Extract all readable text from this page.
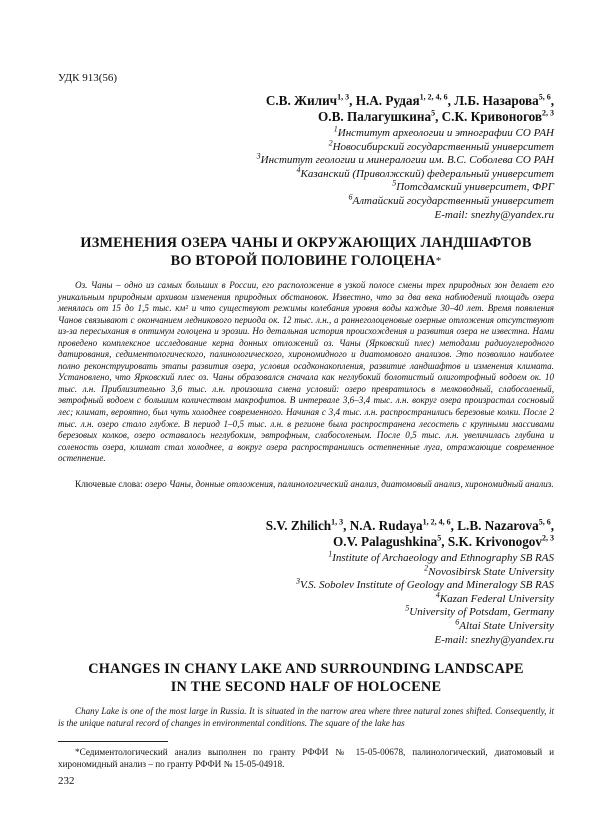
УДК 913(56)
С.В. Жилич$^{1, 3}$, Н.А. Рудая$^{1, 2, 4, 6}$, Л.Б. Назарова$^{5, 6}$,
О.В. Палагушкина$^5$, С.К. Кривоногов$^{2, 3}$
$^1$Институт археологии и этнографии СО РАН
$^2$Новосибирский государственный университет
$^3$Институт геологии и минералогии им. В.С. Соболева СО РАН
$^4$Казанский (Приволжский) федеральный университет
$^5$Потсдамский университет, ФРГ
$^6$Алтайский государственный университет
E-mail: snezhy@yandex.ru
ИЗМЕНЕНИЯ ОЗЕРА ЧАНЫ И ОКРУЖАЮЩИХ ЛАНДШАФТОВ
ВО ВТОРОЙ ПОЛОВИНЕ ГОЛОЦЕНА*
Оз. Чаны – одно из самых больших в России, его расположение в узкой полосе смены трех природных зон делает его уникальным природным архивом изменения природных обстановок. Известно, что за два века наблюдений площадь озера менялась от 15 до 1,5 тыс. км² и что существуют режимы колебания уровня воды каждые 30–40 лет. Время появления Чанов связывают с окончанием ледникового периода ок. 12 тыс. л.н., а раннеголоценовые озерные отложения отсутствуют из-за пересыхания в оптимум голоцена и эрозии. Но детальная история происхождения и развития озера не известна. Нами проведено комплексное исследование керна донных отложений оз. Чаны (Ярковский плес) методами радиоуглеродного датирования, седиментологического, палинологического, хирономидного и диатомового анализов. Это позволило наиболее полно реконструировать этапы развития озера, условия осадконакопления, развитие ландшафтов и изменения климата. Установлено, что Ярковский плес оз. Чаны образовался сначала как неглубокий болотистый олиготрофный водоем ок. 10 тыс. л.н. Приблизительно 3,6 тыс. л.н. произошла смена условий: озеро превратилось в мелководный, слабосоленый, эвтрофный водоем с большим количеством макрофитов. В интервале 3,6–3,4 тыс. л.н. вокруг озера произрастал сосновый лес; климат, вероятно, был чуть холоднее современного. Начиная с 3,4 тыс. л.н. распространились березовые колки. После 2 тыс. л.н. озеро стало глубже. В период 1–0,5 тыс. л.н. в регионе была распространена лесостепь с крупными массивами березовых колков, озеро оставалось неглубоким, эвтрофным, слабосоленым. После 0,5 тыс. л.н. увеличилась глубина и соленость озера, климат стал холоднее, а вокруг озера распространились остепненные луга, отражающие современное остепнение.
Ключевые слова: озеро Чаны, донные отложения, палинологический анализ, диатомовый анализ, хирономидный анализ.
S.V. Zhilich$^{1, 3}$, N.A. Rudaya$^{1, 2, 4, 6}$, L.B. Nazarova$^{5, 6}$,
O.V. Palagushkina$^5$, S.K. Krivonogov$^{2, 3}$
$^1$Institute of Archaeology and Ethnography SB RAS
$^2$Novosibirsk State University
$^3$V.S. Sobolev Institute of Geology and Mineralogy SB RAS
$^4$Kazan Federal University
$^5$University of Potsdam, Germany
$^6$Altai State University
E-mail: snezhy@yandex.ru
CHANGES IN CHANY LAKE AND SURROUNDING LANDSCAPE
IN THE SECOND HALF OF HOLOCENE
Chany Lake is one of the most large in Russia. It is situated in the narrow area where three natural zones shifted. Consequently, it is the unique natural record of changes in environmental conditions. The square of the lake has
*Седиментологический анализ выполнен по гранту РФФИ № 15-05-00678, палинологический, диатомовый и хирономидный анализ – по гранту РФФИ № 15-05-04918.
232
